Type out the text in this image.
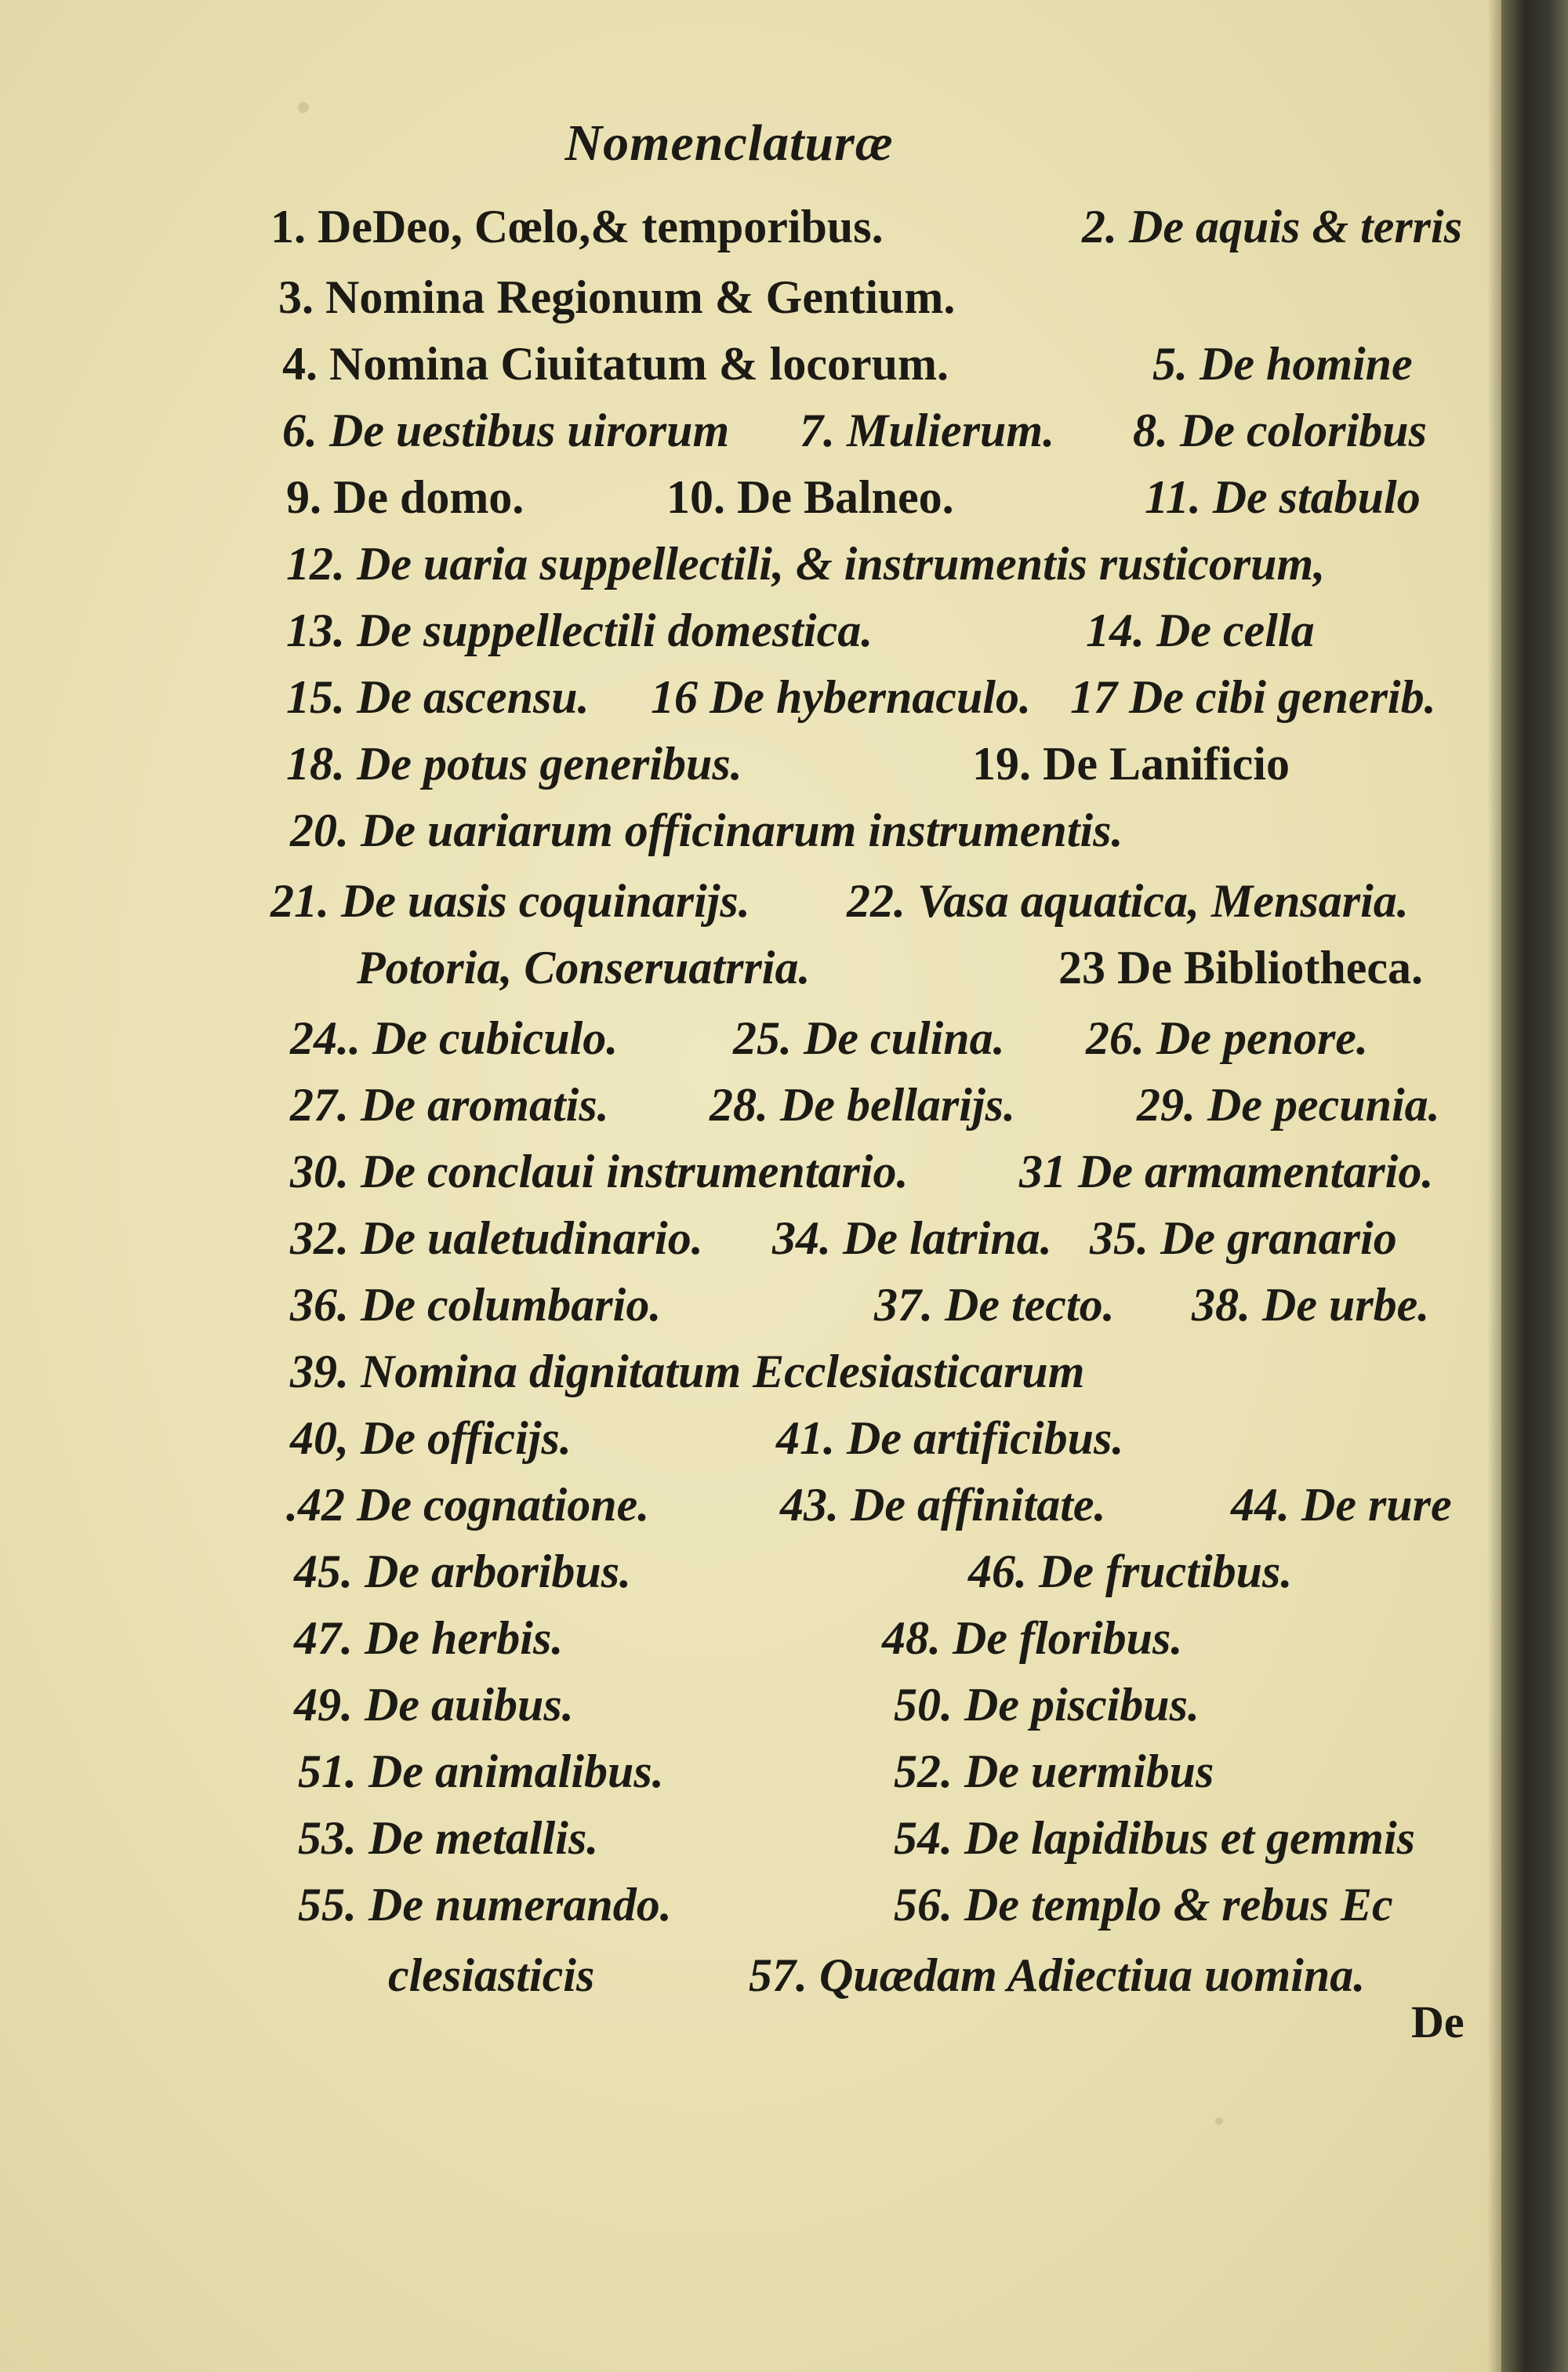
Nomenclaturæ
1. DeDeo, Cœlo,& temporibus.	2. De aquis & terris
3. Nomina Regionum & Gentium.
4. Nomina Ciuitatum & locorum.	5. De homine
6. De uestibus uirorum 7. Mulierum. 8. De coloribus
9. De domo.	10. De Balneo.	11. De stabulo
12. De uaria suppellectili, & instrumentis rusticorum,
13. De suppellectili domestica.	14. De cella
15. De ascensu. 16 De hybernaculo. 17 De cibi generib.
18. De potus generibus.	19. De Lanificio
20. De uariarum officinarum instrumentis.
21. De uasis coquinarijs. 22. Vasa aquatica, Mensaria.
Potoria, Conseruatrria.	23 De Bibliotheca.
24.. De cubiculo. 25. De culina. 26. De penore.
27. De aromatis. 28. De bellarijs.	29. De pecunia.
30. De conclaui instrumentario. 31 De armamentario.
32. De ualetudinario. 34. De latrina. 35. De granario
36. De columbario.	37. De tecto. 38. De urbe.
39. Nomina dignitatum Ecclesiasticarum
40, De officijs.	41. De artificibus.
.42 De cognatione.	43. De affinitate.	44. De rure
45. De arboribus.	46. De fructibus.
47. De herbis.	48. De floribus.
49. De auibus.	50. De piscibus.
51. De animalibus.	52. De uermibus
53. De metallis.	54. De lapidibus et gemmis
55. De numerando.	56. De templo & rebus Ec
clesiasticis	57. Quædam Adiectiua uomina.
De
